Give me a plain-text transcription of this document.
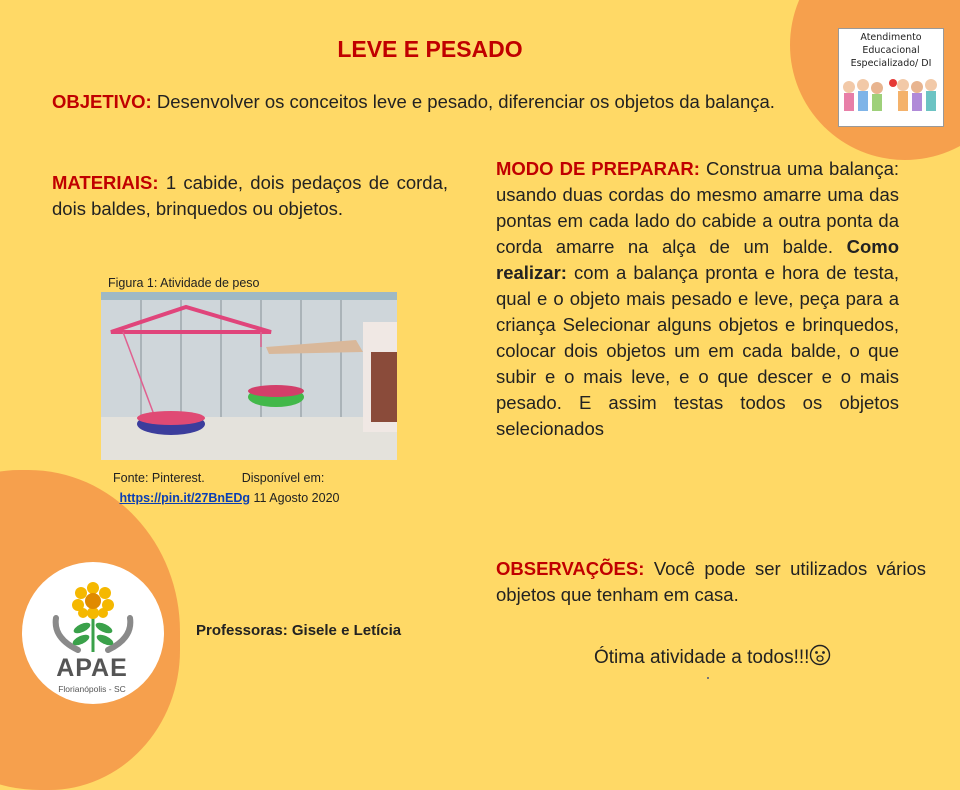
LEVE E PESADO
OBJETIVO: Desenvolver os conceitos leve e pesado, diferenciar os objetos da balança.
MATERIAIS: 1 cabide, dois pedaços de corda, dois baldes, brinquedos ou objetos.
MODO DE PREPARAR: Construa uma balança: usando duas cordas do mesmo amarre uma das pontas em cada lado do cabide a outra ponta da corda amarre na alça de um balde. Como realizar: com a balança pronta e hora de testa, qual e o objeto mais pesado e leve, peça para a criança Selecionar alguns objetos e brinquedos, colocar dois objetos um em cada balde, o que subir e o mais leve, e o que descer e o mais pesado. E assim testas todos os objetos selecionados
Figura 1: Atividade de peso
Fonte: Pinterest.	Disponível em:
https://pin.it/27BnEDg 11 Agosto 2020
OBSERVAÇÕES: Você pode ser utilizados vários objetos que tenham em casa.
Professoras: Gisele e Letícia
Ótima atividade a todos!!!
Atendimento
Educacional
Especializado/ DI
APAE
Florianópolis - SC
